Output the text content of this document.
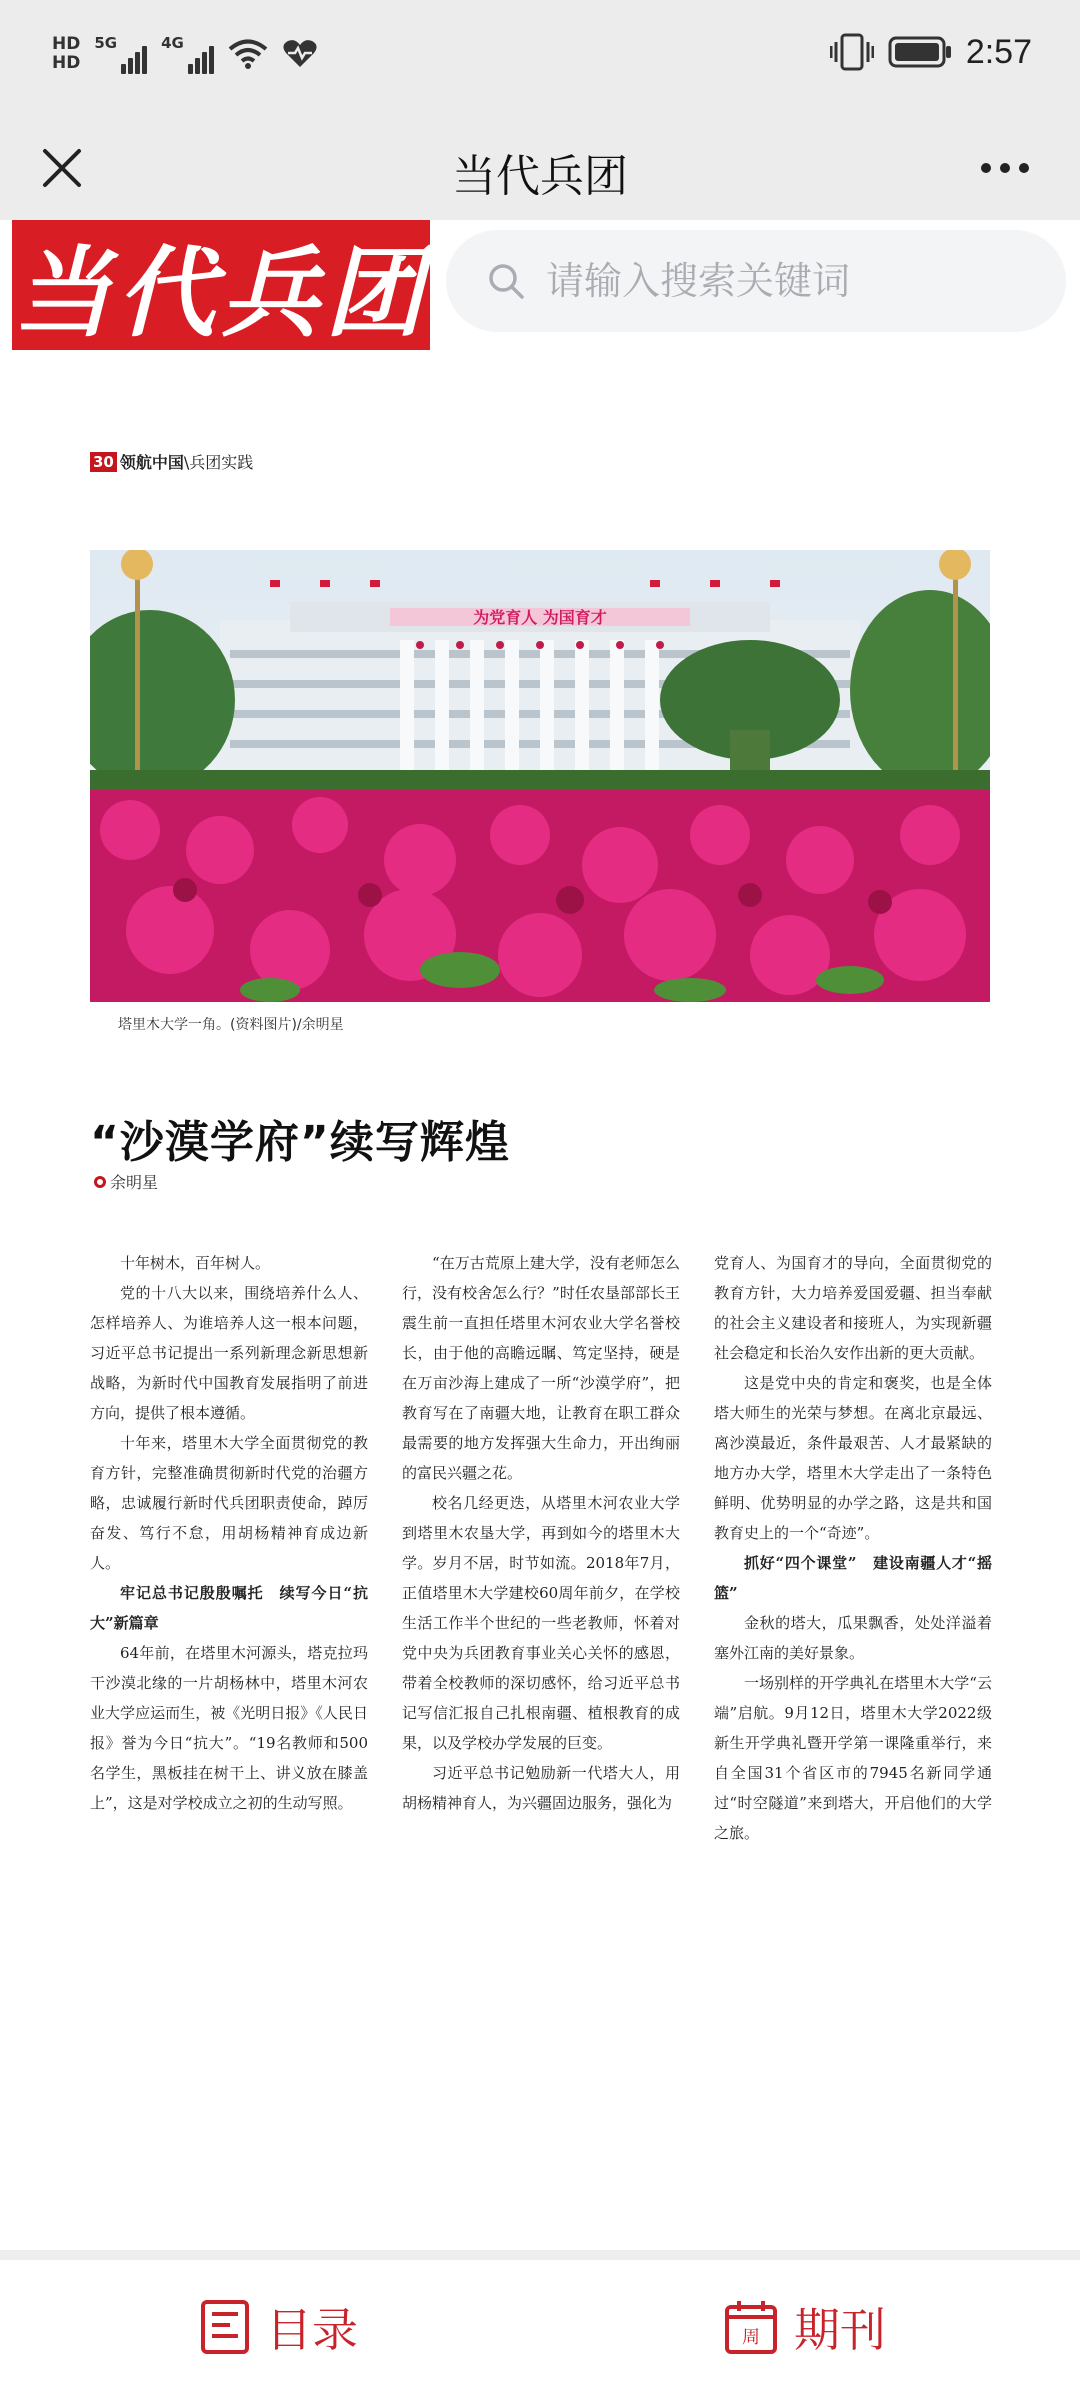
HD
HD
5G	4G	2:57
当代兵团
当代兵团
请输入搜索关键词
30 领航中国 \兵团实践
为党育人 为国育才
塔里木大学一角。(资料图片)/余明星
“沙漠学府”续写辉煌
余明星

十年树木，百年树人。

党的十八大以来，围绕培养什么人、怎样培养人、为谁培养人这一根本问题，习近平总书记提出一系列新理念新思想新战略，为新时代中国教育发展指明了前进方向，提供了根本遵循。

十年来，塔里木大学全面贯彻党的教育方针，完整准确贯彻新时代党的治疆方略，忠诚履行新时代兵团职责使命，踔厉奋发、笃行不怠，用胡杨精神育成边新人。

牢记总书记殷殷嘱托　续写今日“抗大”新篇章

64年前，在塔里木河源头，塔克拉玛干沙漠北缘的一片胡杨林中，塔里木河农业大学应运而生，被《光明日报》《人民日报》誉为今日“抗大”。“19名教师和500名学生，黑板挂在树干上、讲义放在膝盖上”，这是对学校成立之初的生动写照。

“在万古荒原上建大学，没有老师怎么行，没有校舍怎么行？”时任农垦部部长王震生前一直担任塔里木河农业大学名誉校长，由于他的高瞻远瞩、笃定坚持，硬是在万亩沙海上建成了一所“沙漠学府”，把教育写在了南疆大地，让教育在职工群众最需要的地方发挥强大生命力，开出绚丽的富民兴疆之花。

校名几经更迭，从塔里木河农业大学到塔里木农垦大学，再到如今的塔里木大学。岁月不居，时节如流。2018年7月，正值塔里木大学建校60周年前夕，在学校生活工作半个世纪的一些老教师，怀着对党中央为兵团教育事业关心关怀的感恩，带着全校教师的深切感怀，给习近平总书记写信汇报自己扎根南疆、植根教育的成果，以及学校办学发展的巨变。

习近平总书记勉励新一代塔大人，用胡杨精神育人，为兴疆固边服务，强化为

党育人、为国育才的导向，全面贯彻党的教育方针，大力培养爱国爱疆、担当奉献的社会主义建设者和接班人，为实现新疆社会稳定和长治久安作出新的更大贡献。

这是党中央的肯定和褒奖，也是全体塔大师生的光荣与梦想。在离北京最远、离沙漠最近，条件最艰苦、人才最紧缺的地方办大学，塔里木大学走出了一条特色鲜明、优势明显的办学之路，这是共和国教育史上的一个“奇迹”。

抓好“四个课堂”　建设南疆人才“摇篮”

金秋的塔大，瓜果飘香，处处洋溢着塞外江南的美好景象。

一场别样的开学典礼在塔里木大学“云端”启航。9月12日，塔里木大学2022级新生开学典礼暨开学第一课隆重举行，来自全国31个省区市的7945名新同学通过“时空隧道”来到塔大，开启他们的大学之旅。

目录	周 期刊
